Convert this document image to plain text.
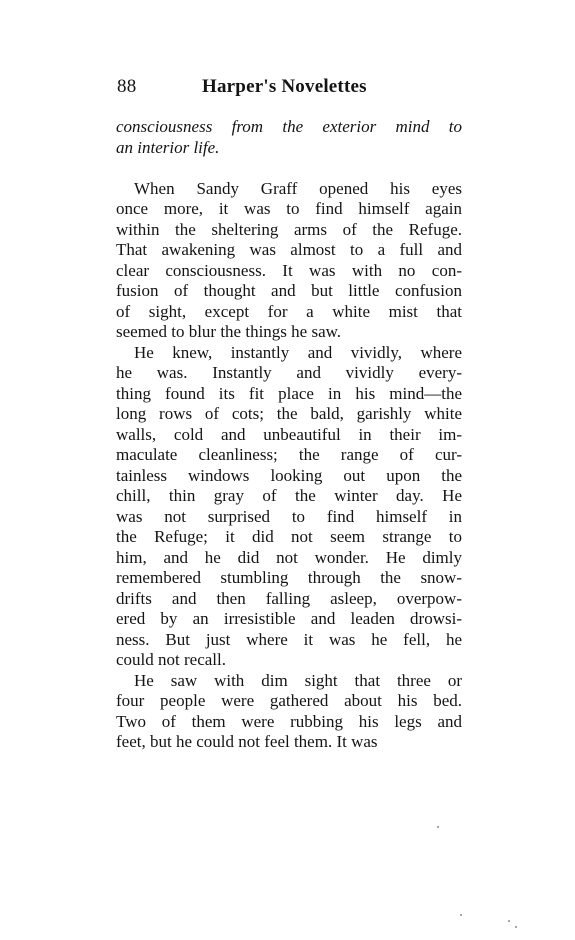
88	Harper's Novelettes
consciousness from the exterior mind to
an interior life.
When Sandy Graff opened his eyes
once more, it was to find himself again
within the sheltering arms of the Refuge.
That awakening was almost to a full and
clear consciousness. It was with no con-
fusion of thought and but little confusion
of sight, except for a white mist that
seemed to blur the things he saw.
He knew, instantly and vividly, where
he was. Instantly and vividly every-
thing found its fit place in his mind—the
long rows of cots; the bald, garishly white
walls, cold and unbeautiful in their im-
maculate cleanliness; the range of cur-
tainless windows looking out upon the
chill, thin gray of the winter day. He
was not surprised to find himself in
the Refuge; it did not seem strange to
him, and he did not wonder. He dimly
remembered stumbling through the snow-
drifts and then falling asleep, overpow-
ered by an irresistible and leaden drowsi-
ness. But just where it was he fell, he
could not recall.
He saw with dim sight that three or
four people were gathered about his bed.
Two of them were rubbing his legs and
feet, but he could not feel them. It was
